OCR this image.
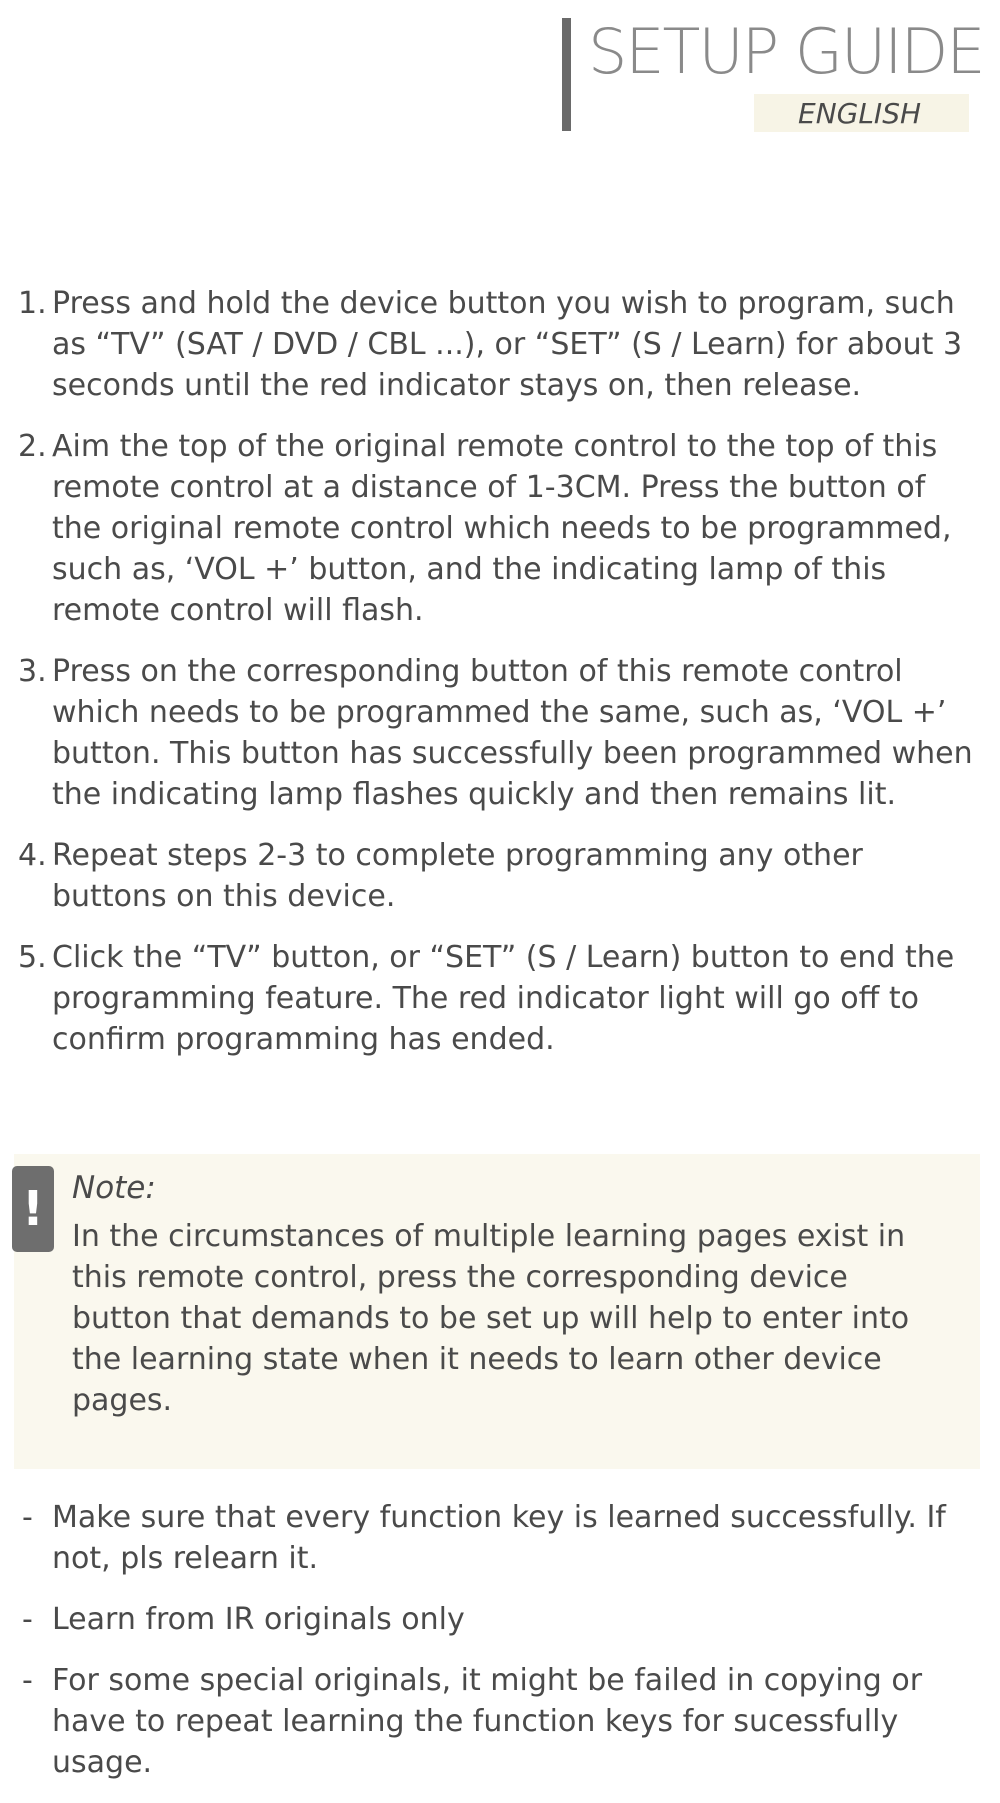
SETUP GUIDE
ENGLISH
1. Press and hold the device button you wish to program, such as “TV” (SAT / DVD / CBL ...), or “SET” (S / Learn) for about 3 seconds until the red indicator stays on, then release.
2. Aim the top of the original remote control to the top of this remote control at a distance of 1-3CM. Press the button of the original remote control which needs to be programmed, such as, ‘VOL +’ button, and the indicating lamp of this remote control will flash.
3. Press on the corresponding button of this remote control which needs to be programmed the same, such as, ‘VOL +’ button. This button has successfully been programmed when the indicating lamp flashes quickly and then remains lit.
4. Repeat steps 2-3 to complete programming any other buttons on this device.
5. Click the “TV” button, or “SET” (S / Learn) button to end the programming feature. The red indicator light will go off to confirm programming has ended.
! Note:
In the circumstances of multiple learning pages exist in this remote control, press the corresponding device button that demands to be set up will help to enter into the learning state when it needs to learn other device pages.
- Make sure that every function key is learned successfully. If not, pls relearn it.
- Learn from IR originals only
- For some special originals, it might be failed in copying or have to repeat learning the function keys for sucessfully usage.
